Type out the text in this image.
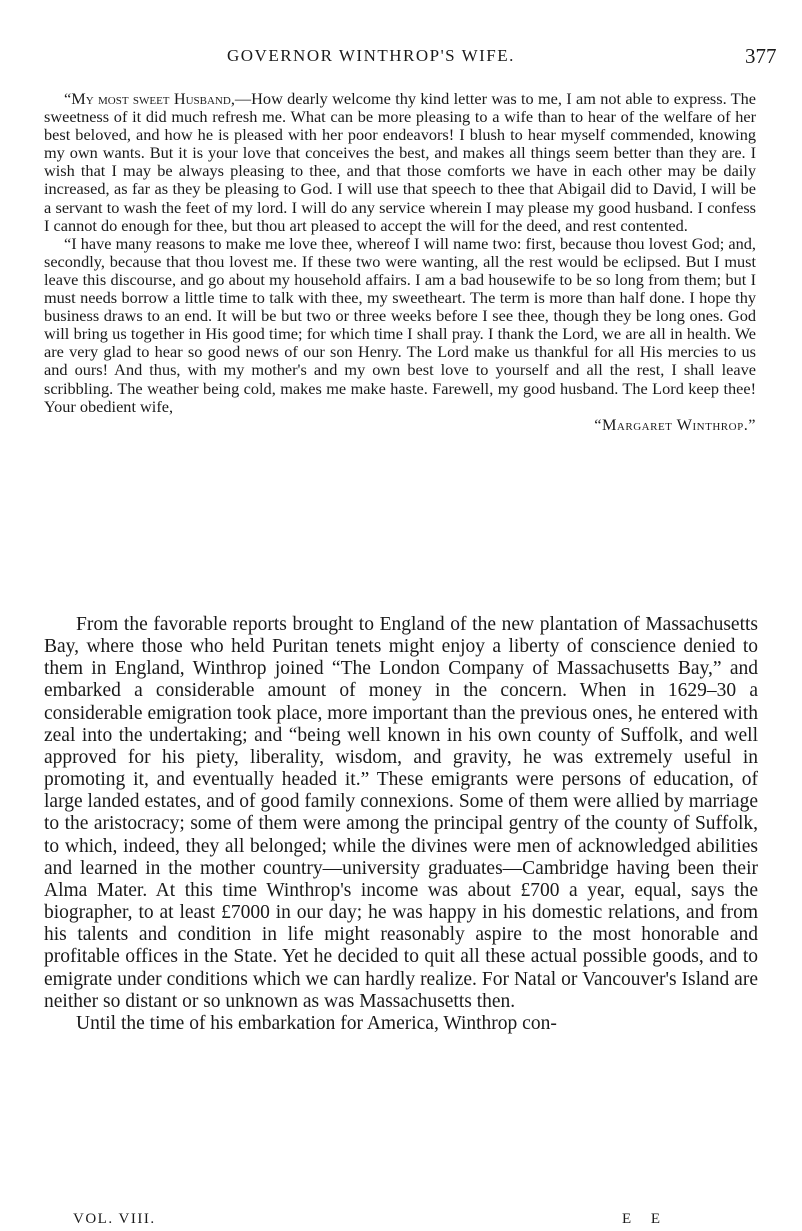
GOVERNOR WINTHROP'S WIFE.	377

“My most sweet Husband,—How dearly welcome thy kind letter was to me, I am not able to express. The sweetness of it did much refresh me. What can be more pleasing to a wife than to hear of the welfare of her best beloved, and how he is pleased with her poor endeavors! I blush to hear myself commended, knowing my own wants. But it is your love that conceives the best, and makes all things seem better than they are. I wish that I may be always pleasing to thee, and that those comforts we have in each other may be daily increased, as far as they be pleasing to God. I will use that speech to thee that Abigail did to David, I will be a servant to wash the feet of my lord. I will do any service wherein I may please my good husband. I confess I cannot do enough for thee, but thou art pleased to accept the will for the deed, and rest contented.

“I have many reasons to make me love thee, whereof I will name two: first, because thou lovest God; and, secondly, because that thou lovest me. If these two were wanting, all the rest would be eclipsed. But I must leave this discourse, and go about my household affairs. I am a bad housewife to be so long from them; but I must needs borrow a little time to talk with thee, my sweetheart. The term is more than half done. I hope thy business draws to an end. It will be but two or three weeks before I see thee, though they be long ones. God will bring us together in His good time; for which time I shall pray. I thank the Lord, we are all in health. We are very glad to hear so good news of our son Henry. The Lord make us thankful for all His mercies to us and ours! And thus, with my mother's and my own best love to yourself and all the rest, I shall leave scribbling. The weather being cold, makes me make haste. Farewell, my good husband. The Lord keep thee! Your obedient wife,

“Margaret Winthrop.”

From the favorable reports brought to England of the new plantation of Massachusetts Bay, where those who held Puritan tenets might enjoy a liberty of conscience denied to them in England, Winthrop joined “The London Company of Massachusetts Bay,” and embarked a considerable amount of money in the concern. When in 1629–30 a considerable emigration took place, more important than the previous ones, he entered with zeal into the undertaking; and “being well known in his own county of Suffolk, and well approved for his piety, liberality, wisdom, and gravity, he was extremely useful in promoting it, and eventually headed it.” These emigrants were persons of education, of large landed estates, and of good family connexions. Some of them were allied by marriage to the aristocracy; some of them were among the principal gentry of the county of Suffolk, to which, indeed, they all belonged; while the divines were men of acknowledged abilities and learned in the mother country—university graduates—Cambridge having been their Alma Mater. At this time Winthrop's income was about £700 a year, equal, says the biographer, to at least £7000 in our day; he was happy in his domestic relations, and from his talents and condition in life might reasonably aspire to the most honorable and profitable offices in the State. Yet he decided to quit all these actual possible goods, and to emigrate under conditions which we can hardly realize. For Natal or Vancouver's Island are neither so distant or so unknown as was Massachusetts then.

Until the time of his embarkation for America, Winthrop con-

VOL. VIII.	E E
